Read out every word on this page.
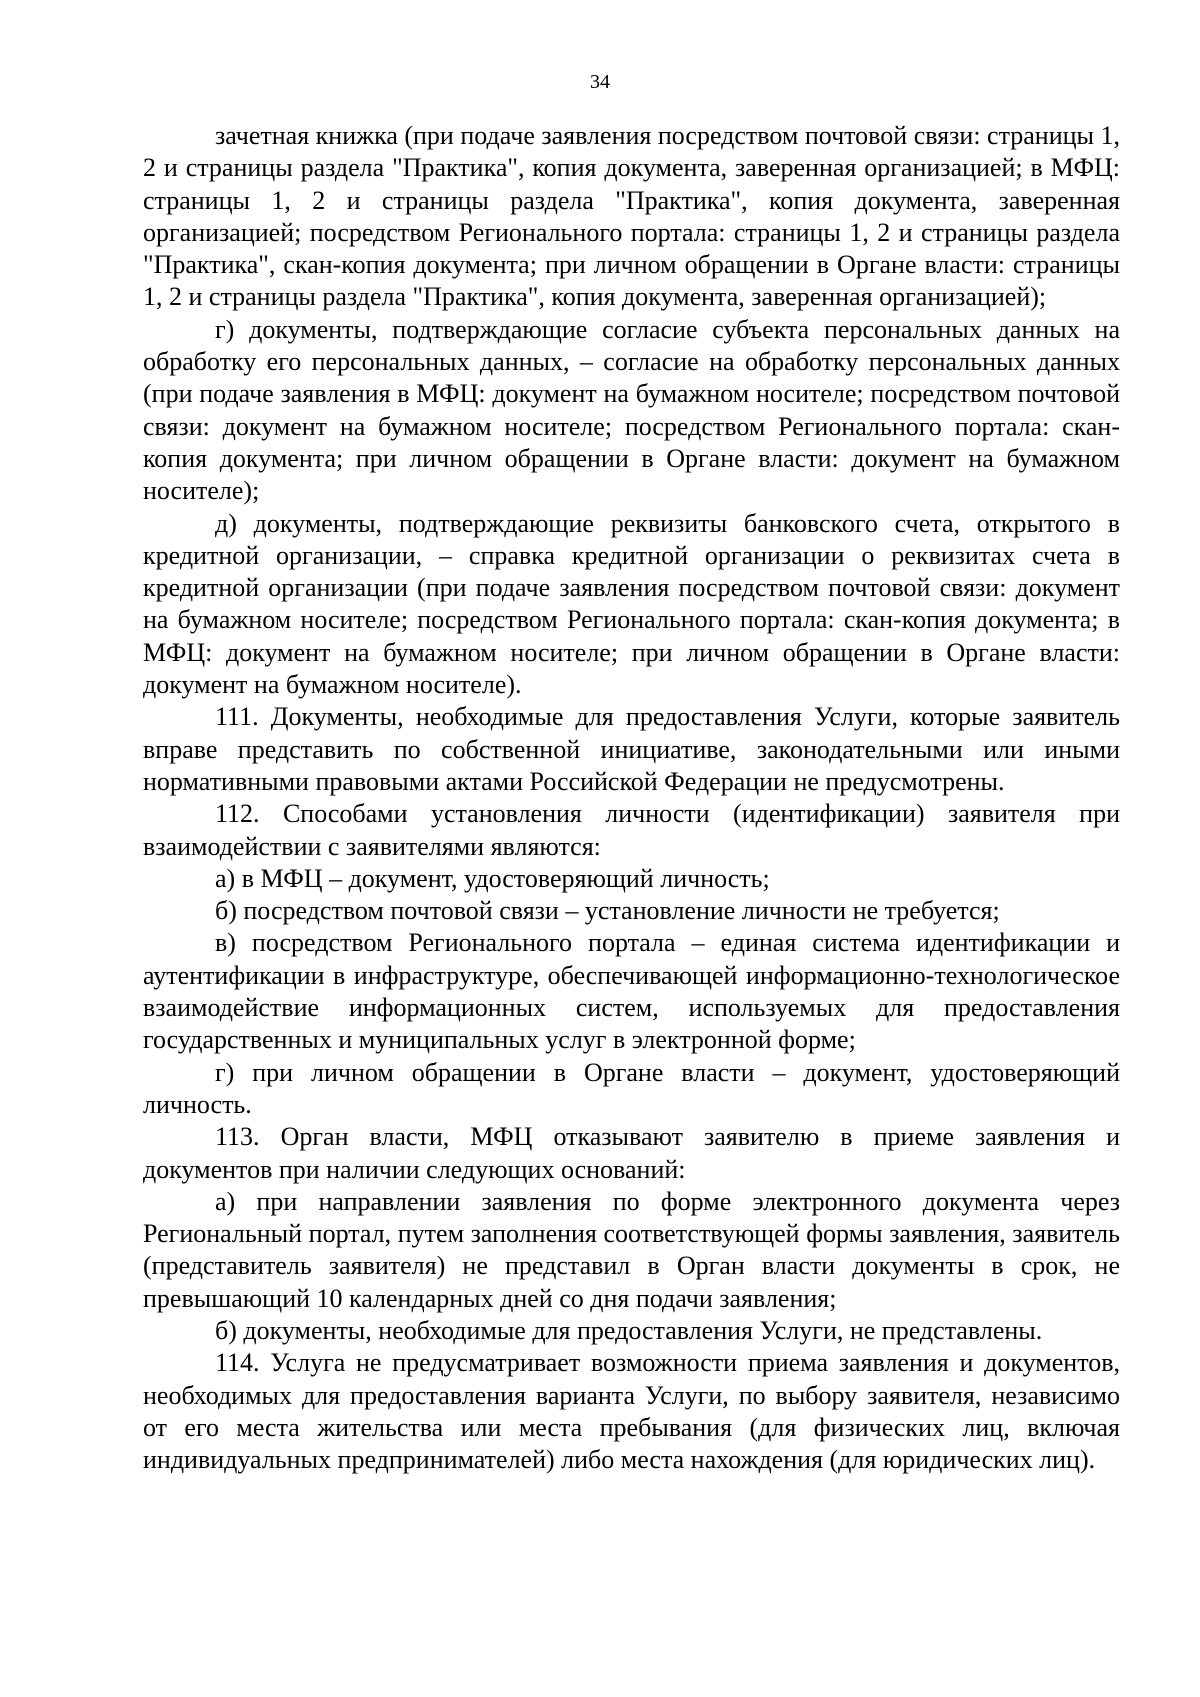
34

зачетная книжка (при подаче заявления посредством почтовой связи: страницы 1, 2 и страницы раздела "Практика", копия документа, заверенная организацией; в МФЦ: страницы 1, 2 и страницы раздела "Практика", копия документа, заверенная организацией; посредством Регионального портала: страницы 1, 2 и страницы раздела "Практика", скан-копия документа; при личном обращении в Органе власти: страницы 1, 2 и страницы раздела "Практика", копия документа, заверенная организацией);

г) документы, подтверждающие согласие субъекта персональных данных на обработку его персональных данных, – согласие на обработку персональных данных (при подаче заявления в МФЦ: документ на бумажном носителе; посредством почтовой связи: документ на бумажном носителе; посредством Регионального портала: скан-копия документа; при личном обращении в Органе власти: документ на бумажном носителе);

д) документы, подтверждающие реквизиты банковского счета, открытого в кредитной организации, – справка кредитной организации о реквизитах счета в кредитной организации (при подаче заявления посредством почтовой связи: документ на бумажном носителе; посредством Регионального портала: скан-копия документа; в МФЦ: документ на бумажном носителе; при личном обращении в Органе власти: документ на бумажном носителе).

111. Документы, необходимые для предоставления Услуги, которые заявитель вправе представить по собственной инициативе, законодательными или иными нормативными правовыми актами Российской Федерации не предусмотрены.

112. Способами установления личности (идентификации) заявителя при взаимодействии с заявителями являются:

а) в МФЦ – документ, удостоверяющий личность;

б) посредством почтовой связи – установление личности не требуется;

в) посредством Регионального портала – единая система идентификации и аутентификации в инфраструктуре, обеспечивающей информационно-технологическое взаимодействие информационных систем, используемых для предоставления государственных и муниципальных услуг в электронной форме;

г) при личном обращении в Органе власти – документ, удостоверяющий личность.

113. Орган власти, МФЦ отказывают заявителю в приеме заявления и документов при наличии следующих оснований:

а) при направлении заявления по форме электронного документа через Региональный портал, путем заполнения соответствующей формы заявления, заявитель (представитель заявителя) не представил в Орган власти документы в срок, не превышающий 10 календарных дней со дня подачи заявления;

б) документы, необходимые для предоставления Услуги, не представлены.

114. Услуга не предусматривает возможности приема заявления и документов, необходимых для предоставления варианта Услуги, по выбору заявителя, независимо от его места жительства или места пребывания (для физических лиц, включая индивидуальных предпринимателей) либо места нахождения (для юридических лиц).
